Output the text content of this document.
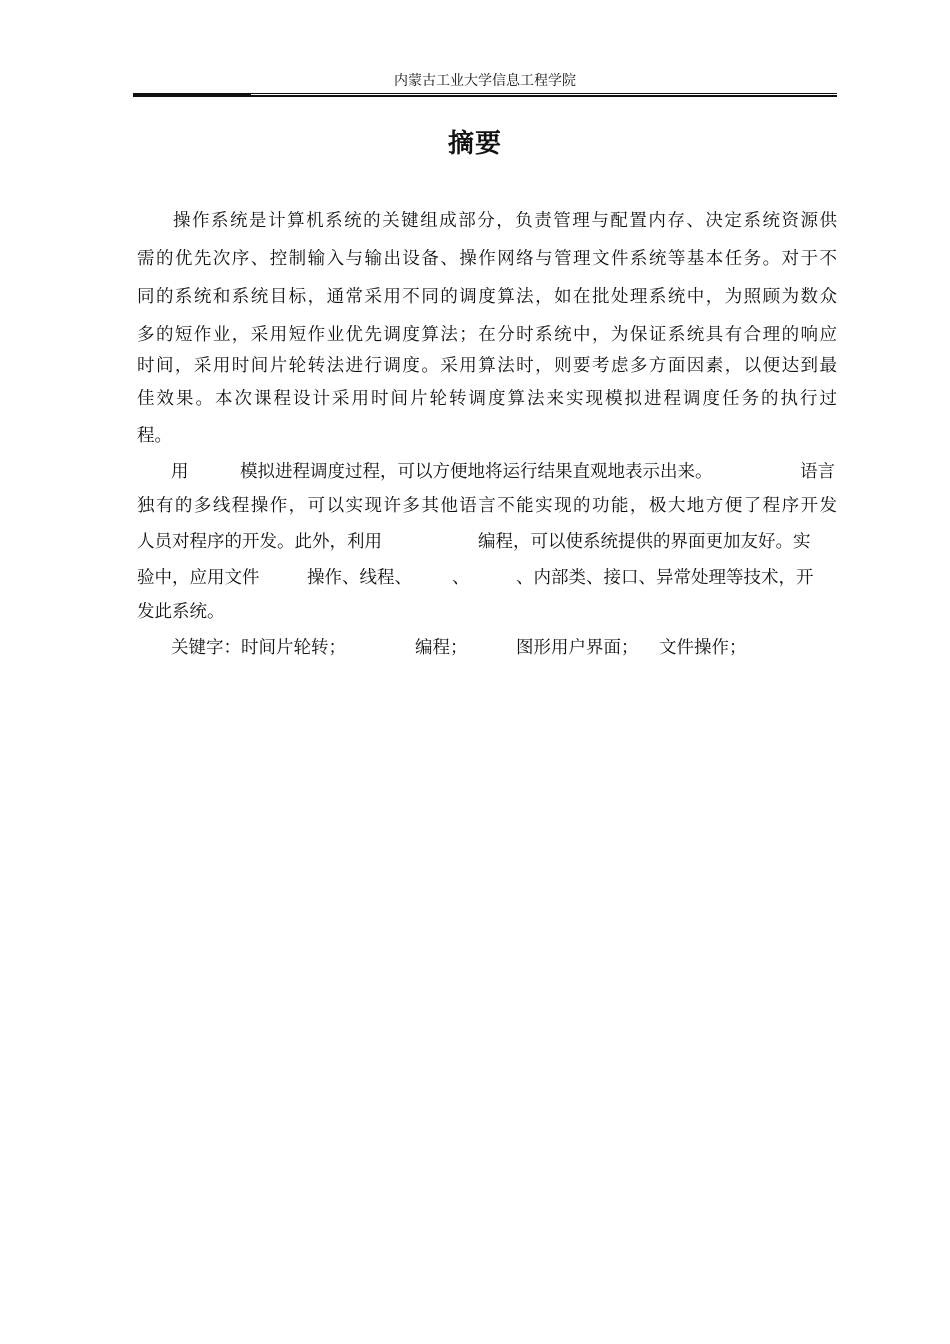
内蒙古工业大学信息工程学院
摘要
操作系统是计算机系统的关键组成部分，负责管理与配置内存、决定系统资源供
需的优先次序、控制输入与输出设备、操作网络与管理文件系统等基本任务。对于不
同的系统和系统目标，通常采用不同的调度算法，如在批处理系统中，为照顾为数众
多的短作业，采用短作业优先调度算法；在分时系统中，为保证系统具有合理的响应
时间，采用时间片轮转法进行调度。采用算法时，则要考虑多方面因素，以便达到最
佳效果。本次课程设计采用时间片轮转调度算法来实现模拟进程调度任务的执行过
程。
用	模拟进程调度过程，可以方便地将运行结果直观地表示出来。	语言
独有的多线程操作，可以实现许多其他语言不能实现的功能，极大地方便了程序开发
人员对程序的开发。此外，利用	编程，可以使系统提供的界面更加友好。实
验中，应用文件	操作、线程、 、	、内部类、接口、异常处理等技术，开
发此系统。
关键字： 时间片轮转；	编程；	图形用户界面； 文件操作；
